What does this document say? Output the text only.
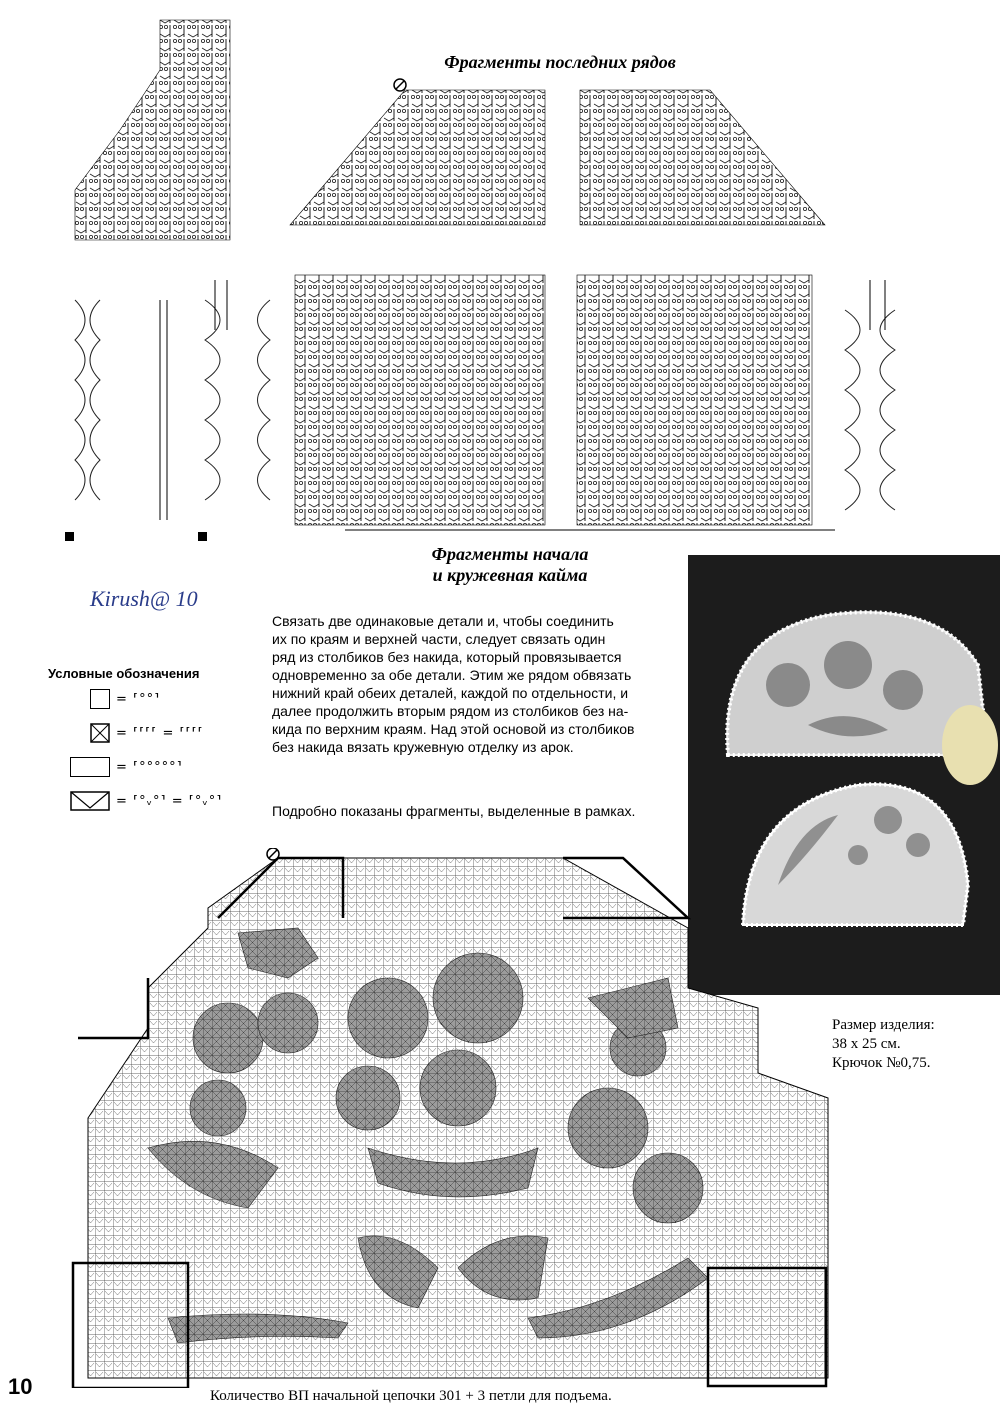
Фрагменты последних рядов
Фрагменты начала
и кружевная кайма
Kirush@ 10
Условные обозначения
= ⸢°°⸣
= ⸢⸢⸢⸢ = ⸢⸢⸢⸢
= ⸢°°°°°⸣
= ⸢°ᵥ°⸣ = ⸢°ᵥ°⸣
Связать две одинаковые детали и, чтобы соединить
их по краям и верхней части, следует связать один
ряд из столбиков без накида, который провязывается
одновременно за обе детали. Этим же рядом обвязать
нижний край обеих деталей, каждой по отдельности, и
далее продолжить вторым рядом из столбиков без на-
кида по верхним краям. Над этой основой из столбиков
без накида вязать кружевную отделку из арок.
Подробно показаны фрагменты, выделенные в рамках.
Размер изделия:
38 х 25 см.
Крючок №0,75.
10	Количество ВП начальной цепочки 301 + 3 петли для подъема.
